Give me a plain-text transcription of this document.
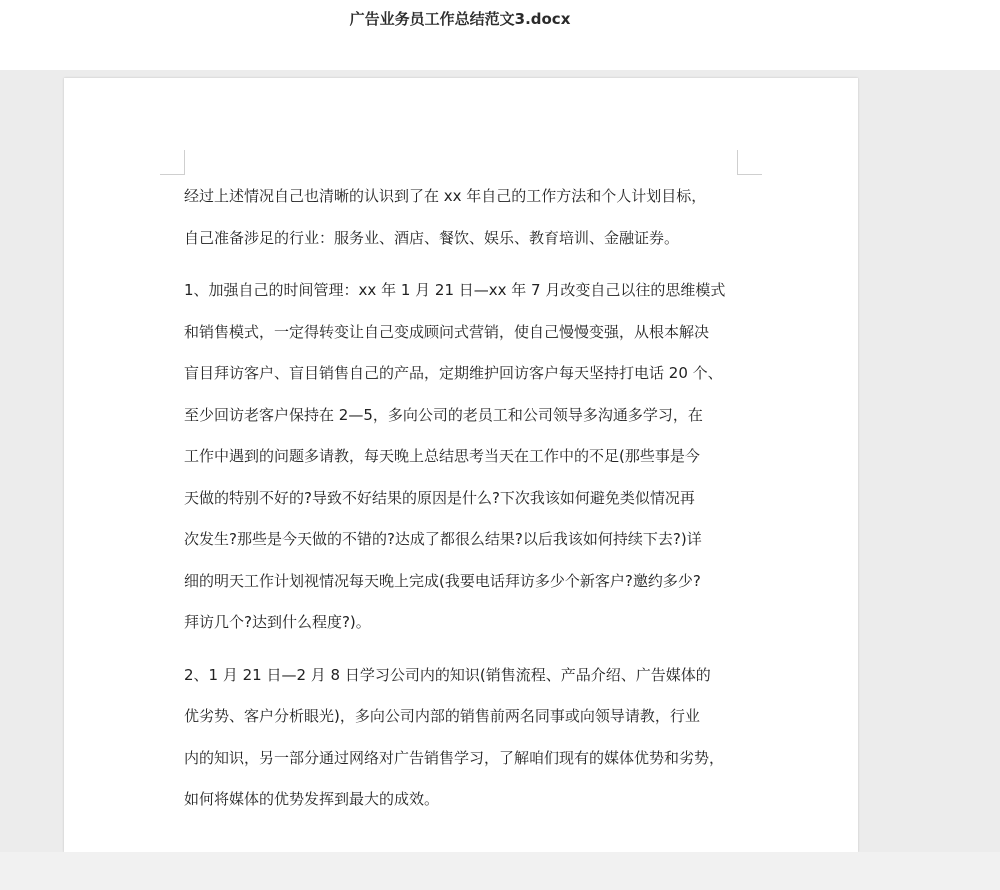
广告业务员工作总结范文3.docx
经过上述情况自己也清晰的认识到了在 xx 年自己的工作方法和个人计划目标，
自己准备涉足的行业：服务业、酒店、餐饮、娱乐、教育培训、金融证券。
1、加强自己的时间管理：xx 年 1 月 21 日—xx 年 7 月改变自己以往的思维模式
和销售模式，一定得转变让自己变成顾问式营销，使自己慢慢变强，从根本解决
盲目拜访客户、盲目销售自己的产品，定期维护回访客户每天坚持打电话 20 个、
至少回访老客户保持在 2—5，多向公司的老员工和公司领导多沟通多学习，在
工作中遇到的问题多请教，每天晚上总结思考当天在工作中的不足(那些事是今
天做的特别不好的?导致不好结果的原因是什么?下次我该如何避免类似情况再
次发生?那些是今天做的不错的?达成了都很么结果?以后我该如何持续下去?)详
细的明天工作计划视情况每天晚上完成(我要电话拜访多少个新客户?邀约多少?
拜访几个?达到什么程度?)。
2、1 月 21 日—2 月 8 日学习公司内的知识(销售流程、产品介绍、广告媒体的
优劣势、客户分析眼光)，多向公司内部的销售前两名同事或向领导请教，行业
内的知识，另一部分通过网络对广告销售学习，了解咱们现有的媒体优势和劣势，
如何将媒体的优势发挥到最大的成效。
